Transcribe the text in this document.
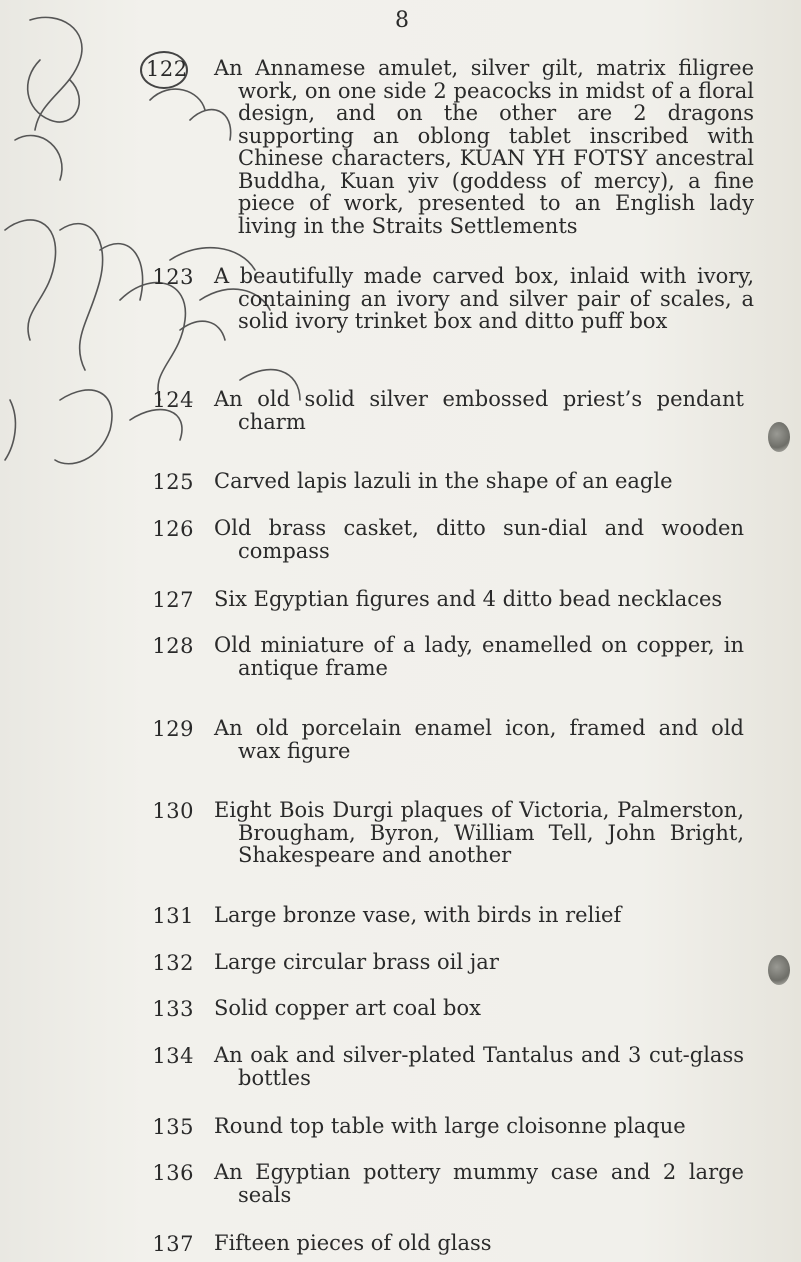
8
122	An Annamese amulet, silver gilt, matrix filigree work, on one side 2 peacocks in midst of a floral design, and on the other are 2 dragons supporting an oblong tablet inscribed with Chinese characters, KUAN YH FOTSY ancestral Buddha, Kuan yiv (goddess of mercy), a fine piece of work, presented to an English lady living in the Straits Settlements
123 A beautifully made carved box, inlaid with ivory, containing an ivory and silver pair of scales, a solid ivory trinket box and ditto puff box
124 An old solid silver embossed priest’s pendant charm
125 Carved lapis lazuli in the shape of an eagle
126 Old brass casket, ditto sun-dial and wooden compass
127 Six Egyptian figures and 4 ditto bead necklaces
128 Old miniature of a lady, enamelled on copper, in antique frame
129 An old porcelain enamel icon, framed and old wax figure
130 Eight Bois Durgi plaques of Victoria, Palmerston, Brougham, Byron, William Tell, John Bright, Shakespeare and another
131 Large bronze vase, with birds in relief
132 Large circular brass oil jar
133 Solid copper art coal box
134 An oak and silver-plated Tantalus and 3 cut-glass bottles
135 Round top table with large cloisonne plaque
136 An Egyptian pottery mummy case and 2 large seals
137 Fifteen pieces of old glass
